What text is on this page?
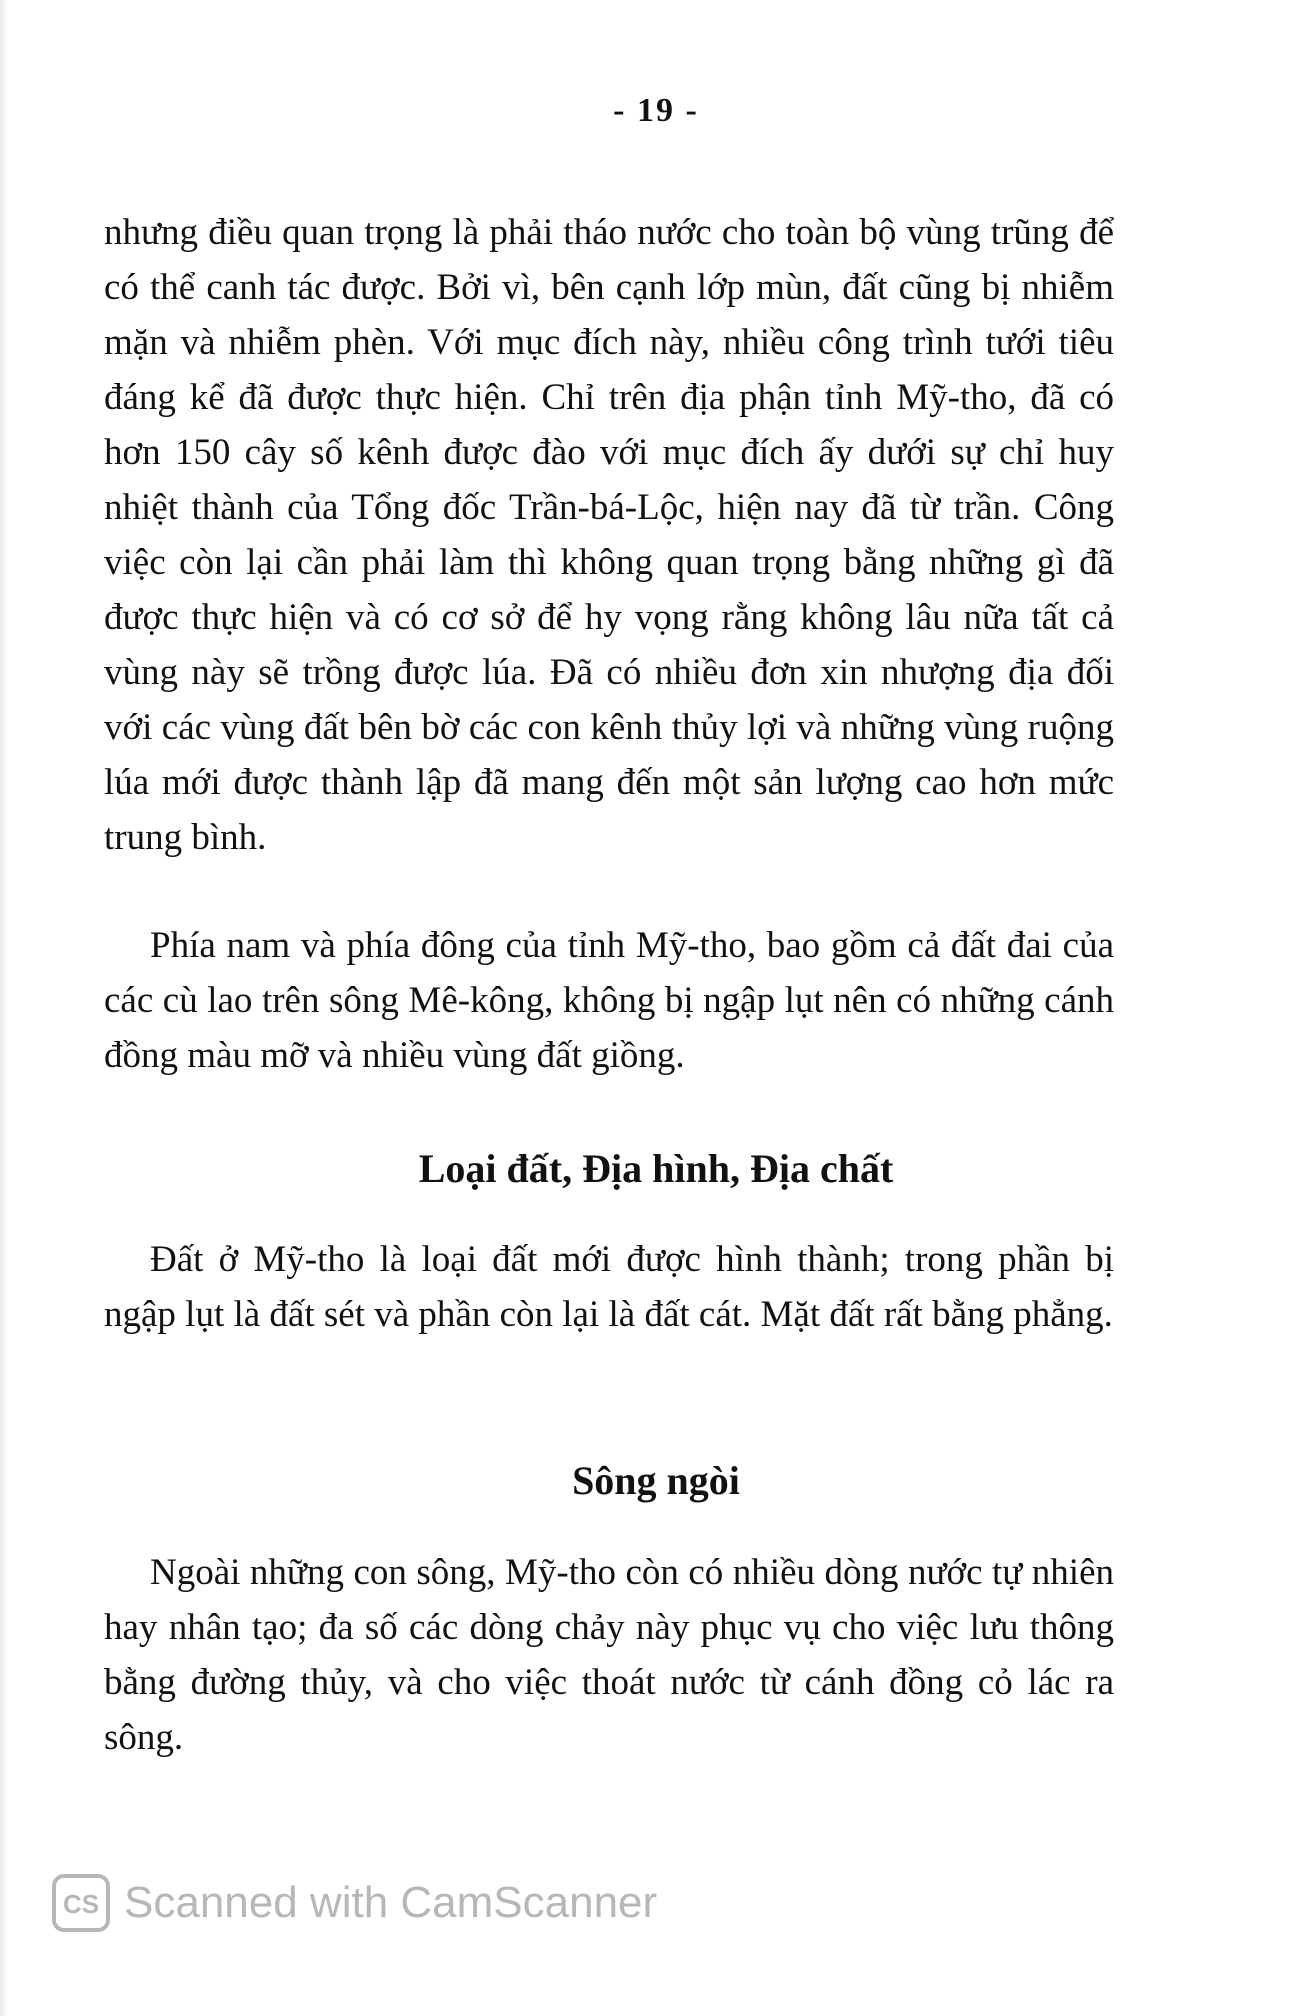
- 19 -

nhưng điều quan trọng là phải tháo nước cho toàn bộ vùng trũng để có thể canh tác được. Bởi vì, bên cạnh lớp mùn, đất cũng bị nhiễm mặn và nhiễm phèn. Với mục đích này, nhiều công trình tưới tiêu đáng kể đã được thực hiện. Chỉ trên địa phận tỉnh Mỹ-tho, đã có hơn 150 cây số kênh được đào với mục đích ấy dưới sự chỉ huy nhiệt thành của Tổng đốc Trần-bá-Lộc, hiện nay đã từ trần. Công việc còn lại cần phải làm thì không quan trọng bằng những gì đã được thực hiện và có cơ sở để hy vọng rằng không lâu nữa tất cả vùng này sẽ trồng được lúa. Đã có nhiều đơn xin nhượng địa đối với các vùng đất bên bờ các con kênh thủy lợi và những vùng ruộng lúa mới được thành lập đã mang đến một sản lượng cao hơn mức trung bình.

Phía nam và phía đông của tỉnh Mỹ-tho, bao gồm cả đất đai của các cù lao trên sông Mê-kông, không bị ngập lụt nên có những cánh đồng màu mỡ và nhiều vùng đất giồng.

Loại đất, Địa hình, Địa chất

Đất ở Mỹ-tho là loại đất mới được hình thành; trong phần bị ngập lụt là đất sét và phần còn lại là đất cát. Mặt đất rất bằng phẳng.

Sông ngòi

Ngoài những con sông, Mỹ-tho còn có nhiều dòng nước tự nhiên hay nhân tạo; đa số các dòng chảy này phục vụ cho việc lưu thông bằng đường thủy, và cho việc thoát nước từ cánh đồng cỏ lác ra sông.

CS Scanned with CamScanner
